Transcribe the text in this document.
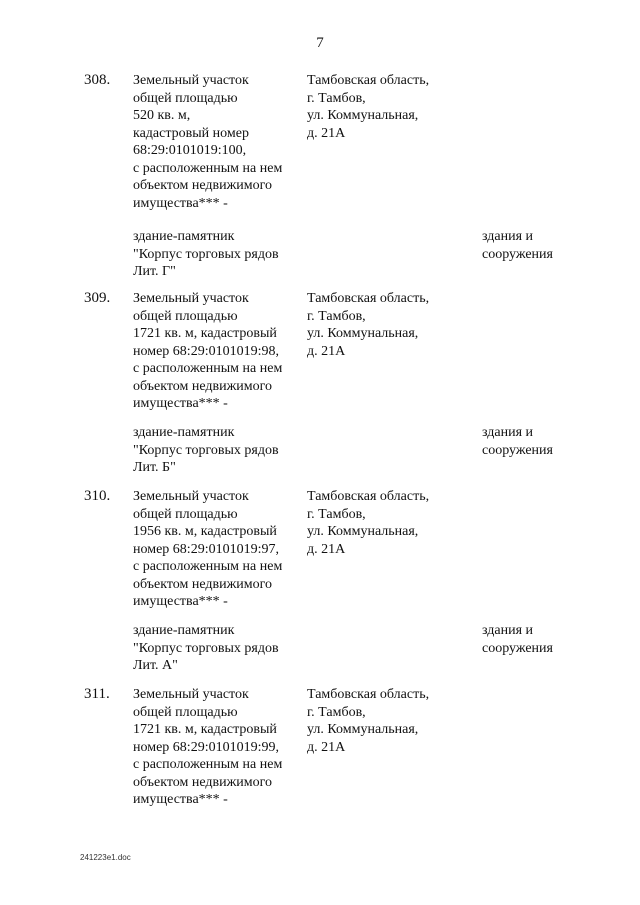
7
308. Земельный участок
общей площадью
520 кв. м,
кадастровый номер
68:29:0101019:100,
с расположенным на нем
объектом недвижимого
имущества*** -
Тамбовская область,
г. Тамбов,
ул. Коммунальная,
д. 21А
здание-памятник
"Корпус торговых рядов
Лит. Г"
здания и
сооружения
309. Земельный участок
общей площадью
1721 кв. м, кадастровый
номер 68:29:0101019:98,
с расположенным на нем
объектом недвижимого
имущества*** -
Тамбовская область,
г. Тамбов,
ул. Коммунальная,
д. 21А
здание-памятник
"Корпус торговых рядов
Лит. Б"
здания и
сооружения
310. Земельный участок
общей площадью
1956 кв. м, кадастровый
номер 68:29:0101019:97,
с расположенным на нем
объектом недвижимого
имущества*** -
Тамбовская область,
г. Тамбов,
ул. Коммунальная,
д. 21А
здание-памятник
"Корпус торговых рядов
Лит. А"
здания и
сооружения
311. Земельный участок
общей площадью
1721 кв. м, кадастровый
номер 68:29:0101019:99,
с расположенным на нем
объектом недвижимого
имущества*** -
Тамбовская область,
г. Тамбов,
ул. Коммунальная,
д. 21А
241223e1.doc
